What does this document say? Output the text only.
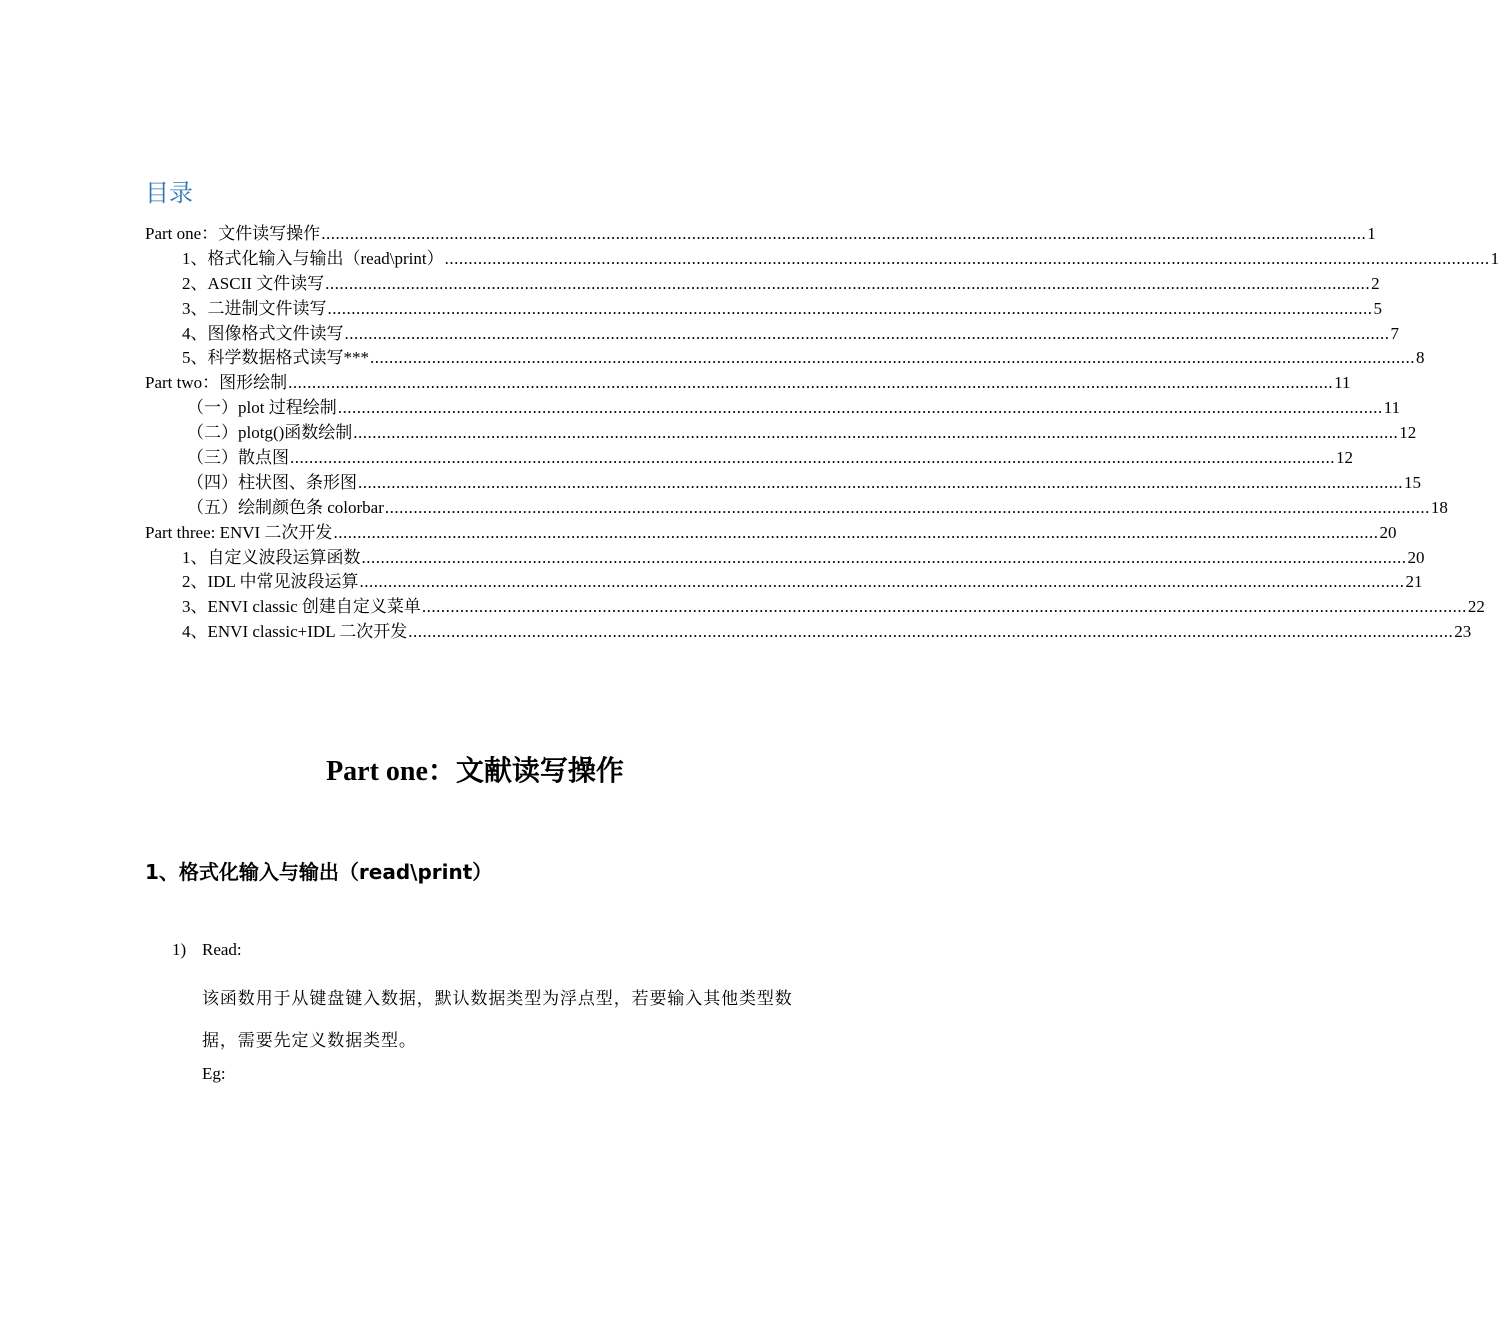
目录
Part one：文件读写操作 ............................................................................................................................................................................................................................ 1
1、格式化输入与输出（read\print） ............................................................................................................................................................................................................................ 1
2、ASCII 文件读写 ............................................................................................................................................................................................................................ 2
3、二进制文件读写 ............................................................................................................................................................................................................................ 5
4、图像格式文件读写 ............................................................................................................................................................................................................................ 7
5、科学数据格式读写*** ............................................................................................................................................................................................................................ 8
Part two：图形绘制 ............................................................................................................................................................................................................................ 11
（一）plot 过程绘制 ............................................................................................................................................................................................................................ 11
（二）plotg()函数绘制 ............................................................................................................................................................................................................................ 12
（三）散点图 ............................................................................................................................................................................................................................ 12
（四）柱状图、条形图 ............................................................................................................................................................................................................................ 15
（五）绘制颜色条 colorbar ............................................................................................................................................................................................................................ 18
Part three: ENVI 二次开发 ............................................................................................................................................................................................................................ 20
1、自定义波段运算函数 ............................................................................................................................................................................................................................ 20
2、IDL 中常见波段运算 ............................................................................................................................................................................................................................ 21
3、ENVI classic 创建自定义菜单 ............................................................................................................................................................................................................................ 22
4、ENVI classic+IDL 二次开发 ............................................................................................................................................................................................................................ 23
Part one：文献读写操作
1、格式化输入与输出（read\print）
1) Read:
该函数用于从键盘键入数据，默认数据类型为浮点型，若要输入其他类型数据，需要先定义数据类型。
Eg:
